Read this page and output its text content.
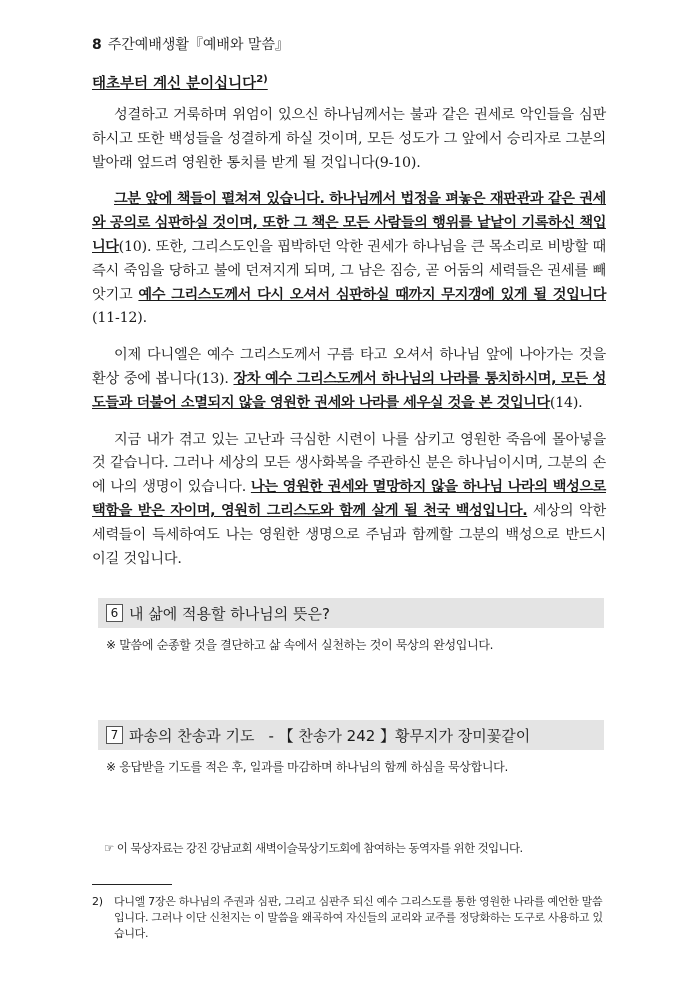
8 주간예배생활『예배와 말씀』
태초부터 계신 분이십니다$^{2)}$

성결하고 거룩하며 위엄이 있으신 하나님께서는 불과 같은 권세로 악인들을 심판하시고 또한 백성들을 성결하게 하실 것이며, 모든 성도가 그 앞에서 승리자로 그분의 발아래 엎드려 영원한 통치를 받게 될 것입니다(9-10).

그분 앞에 책들이 펼쳐져 있습니다. 하나님께서 법정을 펴놓은 재판관과 같은 권세와 공의로 심판하실 것이며, 또한 그 책은 모든 사람들의 행위를 낱낱이 기록하신 책입니다(10). 또한, 그리스도인을 핍박하던 악한 권세가 하나님을 큰 목소리로 비방할 때 즉시 죽임을 당하고 불에 던져지게 되며, 그 남은 짐승, 곧 어둠의 세력들은 권세를 빼앗기고 예수 그리스도께서 다시 오셔서 심판하실 때까지 무지갱에 있게 될 것입니다(11-12).

이제 다니엘은 예수 그리스도께서 구름 타고 오셔서 하나님 앞에 나아가는 것을 환상 중에 봅니다(13). 장차 예수 그리스도께서 하나님의 나라를 통치하시며, 모든 성도들과 더불어 소멸되지 않을 영원한 권세와 나라를 세우실 것을 본 것입니다(14).

지금 내가 겪고 있는 고난과 극심한 시련이 나를 삼키고 영원한 죽음에 몰아넣을 것 같습니다. 그러나 세상의 모든 생사화복을 주관하신 분은 하나님이시며, 그분의 손에 나의 생명이 있습니다. 나는 영원한 권세와 멸망하지 않을 하나님 나라의 백성으로 택함을 받은 자이며, 영원히 그리스도와 함께 살게 될 천국 백성입니다. 세상의 악한 세력들이 득세하여도 나는 영원한 생명으로 주님과 함께할 그분의 백성으로 반드시 이길 것입니다.

6 내 삶에 적용할 하나님의 뜻은?
※ 말씀에 순종할 것을 결단하고 삶 속에서 실천하는 것이 묵상의 완성입니다.
7 파송의 찬송과 기도 - 【 찬송가 242 】황무지가 장미꽃같이
※ 응답받을 기도를 적은 후, 일과를 마감하며 하나님의 함께 하심을 묵상합니다.
☞ 이 묵상자료는 강진 강남교회 새벽이슬묵상기도회에 참여하는 동역자를 위한 것입니다.
2) 다니엘 7장은 하나님의 주권과 심판, 그리고 심판주 되신 예수 그리스도를 통한 영원한 나라를 예언한 말씀입니다. 그러나 이단 신천지는 이 말씀을 왜곡하여 자신들의 교리와 교주를 정당화하는 도구로 사용하고 있습니다.
